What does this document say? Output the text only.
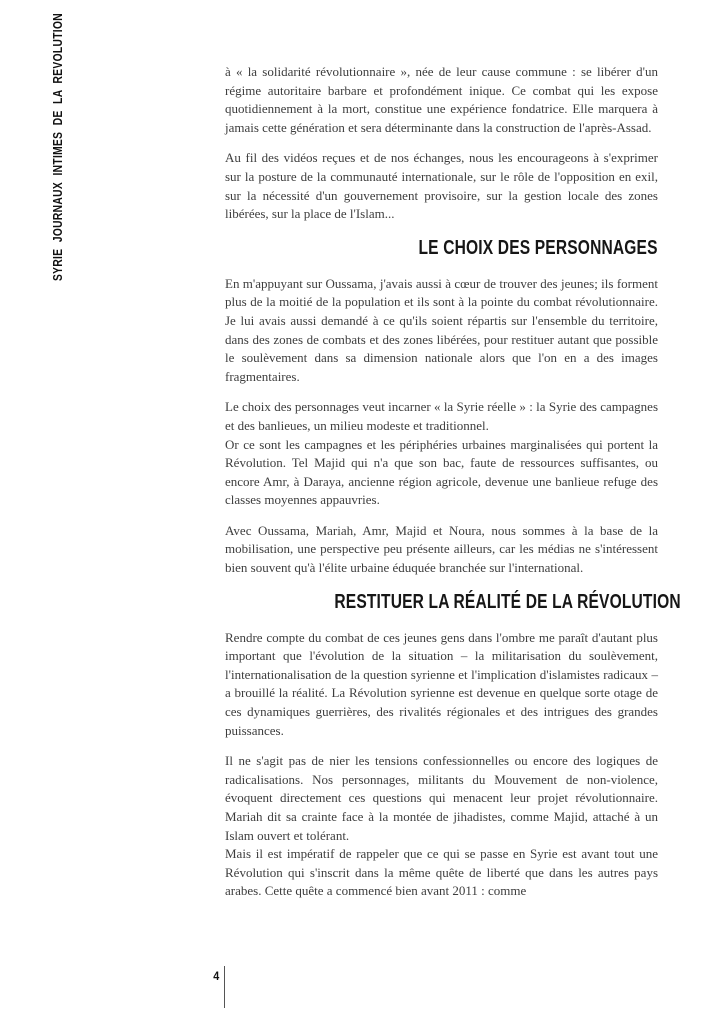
SYRIE JOURNAUX INTIMES DE LA REVOLUTION	à « la solidarité révolutionnaire », née de leur cause commune : se libérer d'un régime autoritaire barbare et profondément inique. Ce combat qui les expose quotidiennement à la mort, constitue une expérience fondatrice. Elle marquera à jamais cette génération et sera déterminante dans la construction de l'après-Assad.

Au fil des vidéos reçues et de nos échanges, nous les encourageons à s'exprimer sur la posture de la communauté internationale, sur le rôle de l'opposition en exil, sur la nécessité d'un gouvernement provisoire, sur la gestion locale des zones libérées, sur la place de l'Islam...

LE CHOIX DES PERSONNAGES

En m'appuyant sur Oussama, j'avais aussi à cœur de trouver des jeunes; ils forment plus de la moitié de la population et ils sont à la pointe du combat révolutionnaire. Je lui avais aussi demandé à ce qu'ils soient répartis sur l'ensemble du territoire, dans des zones de combats et des zones libérées, pour restituer autant que possible le soulèvement dans sa dimension nationale alors que l'on en a des images fragmentaires.

Le choix des personnages veut incarner « la Syrie réelle » : la Syrie des campagnes et des banlieues, un milieu modeste et traditionnel.

Or ce sont les campagnes et les périphéries urbaines marginalisées qui portent la Révolution. Tel Majid qui n'a que son bac, faute de ressources suffisantes, ou encore Amr, à Daraya, ancienne région agricole, devenue une banlieue refuge des classes moyennes appauvries.

Avec Oussama, Mariah, Amr, Majid et Noura, nous sommes à la base de la mobilisation, une perspective peu présente ailleurs, car les médias ne s'intéressent bien souvent qu'à l'élite urbaine éduquée branchée sur l'international.

RESTITUER LA RÉALITÉ DE LA RÉVOLUTION

Rendre compte du combat de ces jeunes gens dans l'ombre me paraît d'autant plus important que l'évolution de la situation – la militarisation du soulèvement, l'internationalisation de la question syrienne et l'implication d'islamistes radicaux – a brouillé la réalité. La Révolution syrienne est devenue en quelque sorte otage de ces dynamiques guerrières, des rivalités régionales et des intrigues des grandes puissances.

Il ne s'agit pas de nier les tensions confessionnelles ou encore des logiques de radicalisations. Nos personnages, militants du Mouvement de non-violence, évoquent directement ces questions qui menacent leur projet révolutionnaire. Mariah dit sa crainte face à la montée de jihadistes, comme Majid, attaché à un Islam ouvert et tolérant.

Mais il est impératif de rappeler que ce qui se passe en Syrie est avant tout une Révolution qui s'inscrit dans la même quête de liberté que dans les autres pays arabes. Cette quête a commencé bien avant 2011 : comme

4
